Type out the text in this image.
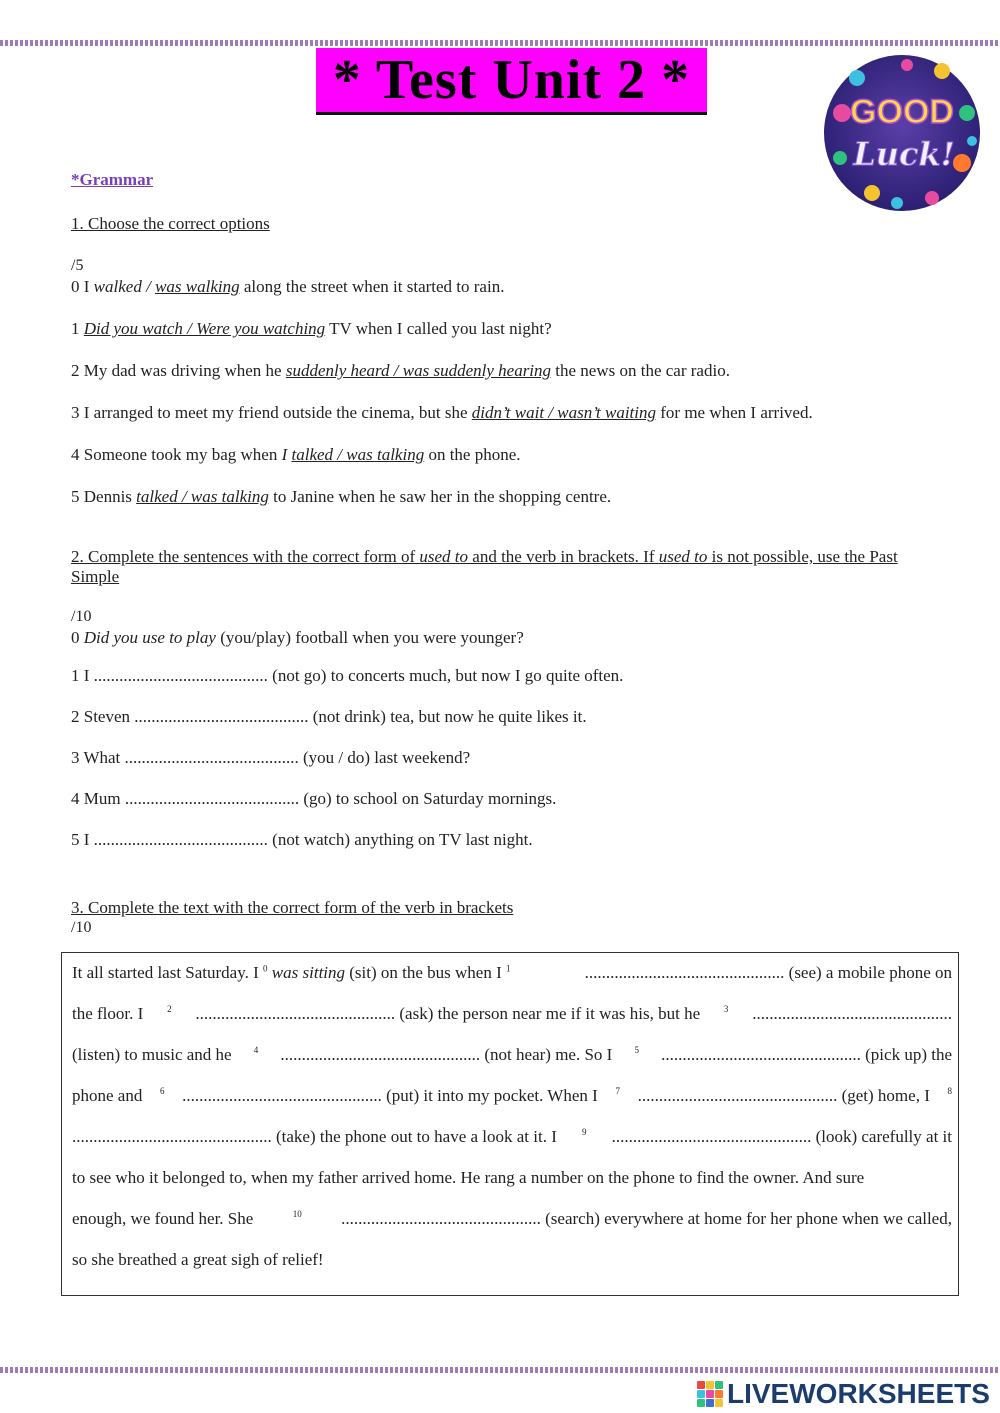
* Test Unit 2 *
GOOD
Luck!
*Grammar
1. Choose the correct options
/5
0 I walked / was walking along the street when it started to rain.
1 Did you watch / Were you watching TV when I called you last night?
2 My dad was driving when he suddenly heard / was suddenly hearing the news on the car radio.
3 I arranged to meet my friend outside the cinema, but she didn’t wait / wasn’t waiting for me when I arrived.
4 Someone took my bag when I talked / was talking on the phone.
5 Dennis talked / was talking to Janine when he saw her in the shopping centre.
2. Complete the sentences with the correct form of used to and the verb in brackets. If used to is not possible, use the Past Simple
/10
0 Did you use to play (you/play) football when you were younger?
1 I ......................................... (not go) to concerts much, but now I go quite often.
2 Steven ......................................... (not drink) tea, but now he quite likes it.
3 What ......................................... (you / do) last weekend?
4 Mum ......................................... (go) to school on Saturday mornings.
5 I ......................................... (not watch) anything on TV last night.
3. Complete the text with the correct form of the verb in brackets
/10
It all started last Saturday. I $^0$ was sitting (sit) on the bus when I $^1$	............................................... (see) a mobile phone on
the floor. I	2 ............................................... (ask) the person near me if it was his, but he	3 ...............................................
(listen) to music and he 4 ............................................... (not hear) me. So I 5 ............................................... (pick up) the
phone and 6 ............................................... (put) it into my pocket. When I 7 ............................................... (get) home, I 8
............................................... (take) the phone out to have a look at it. I	9 ............................................... (look) carefully at it
to see who it belonged to, when my father arrived home. He rang a number on the phone to find the owner. And sure
enough, we found her. She	10 ............................................... (search) everywhere at home for her phone when we called,
so she breathed a great sigh of relief!
LIVEWORKSHEETS
